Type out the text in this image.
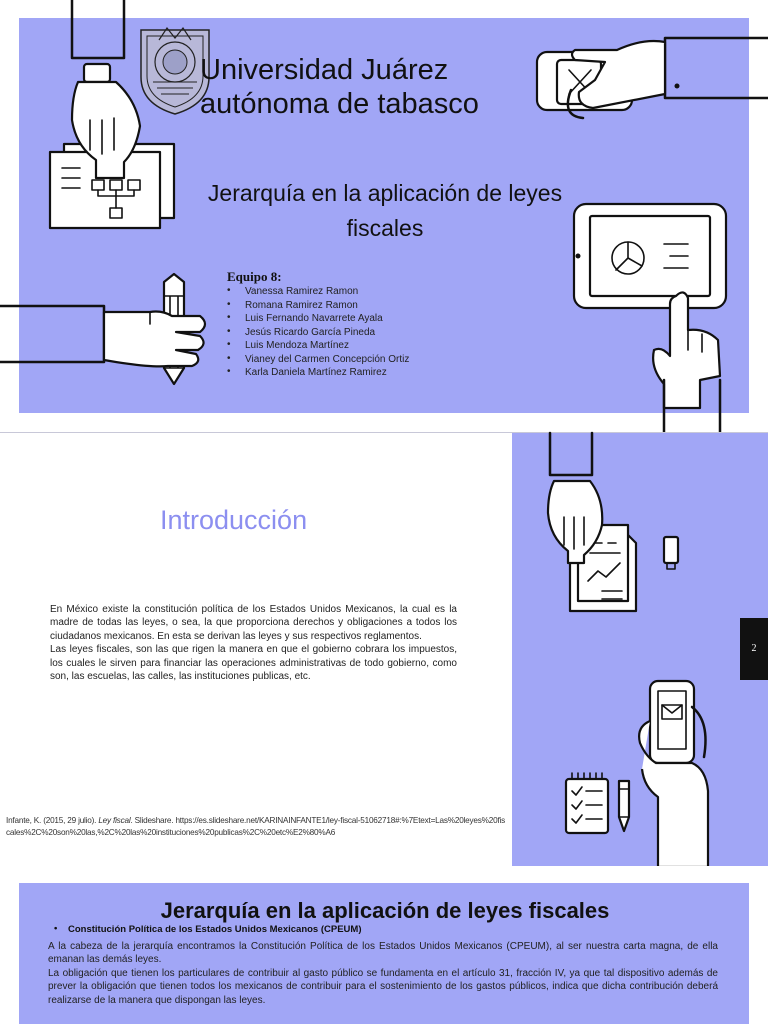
Universidad Juárez
autónoma de tabasco
Jerarquía en la aplicación de leyes fiscales
Equipo 8:
• Vanessa Ramirez Ramon
• Romana Ramirez Ramon
• Luis Fernando Navarrete Ayala
• Jesús Ricardo García Pineda
• Luis Mendoza Martínez
• Vianey del Carmen Concepción Ortiz
• Karla Daniela Martínez Ramirez
Introducción

En México existe la constitución política de los Estados Unidos Mexicanos, la cual es la madre de todas las leyes, o sea, la que proporciona derechos y obligaciones a todos los ciudadanos mexicanos. En esta se derivan las leyes y sus respectivos reglamentos.

Las leyes fiscales, son las que rigen la manera en que el gobierno cobrara los impuestos, los cuales le sirven para financiar las operaciones administrativas de todo gobierno, como son, las escuelas, las calles, las instituciones publicas, etc.

Infante, K. (2015, 29 julio). Ley fiscal. Slideshare. https://es.slideshare.net/KARINAINFANTE1/ley-fiscal-51062718#:%7Etext=Las%20leyes%20fiscales%2C%20son%20las,%2C%20las%20instituciones%20publicas%2C%20etc%E2%80%A6
2
Jerarquía en la aplicación de leyes fiscales
• Constitución Política de los Estados Unidos Mexicanos (CPEUM)

A la cabeza de la jerarquía encontramos la Constitución Política de los Estados Unidos Mexicanos (CPEUM), al ser nuestra carta magna, de ella emanan las demás leyes.

La obligación que tienen los particulares de contribuir al gasto público se fundamenta en el artículo 31, fracción IV, ya que tal dispositivo además de prever la obligación que tienen todos los mexicanos de contribuir para el sostenimiento de los gastos públicos, indica que dicha contribución deberá realizarse de la manera que dispongan las leyes.
